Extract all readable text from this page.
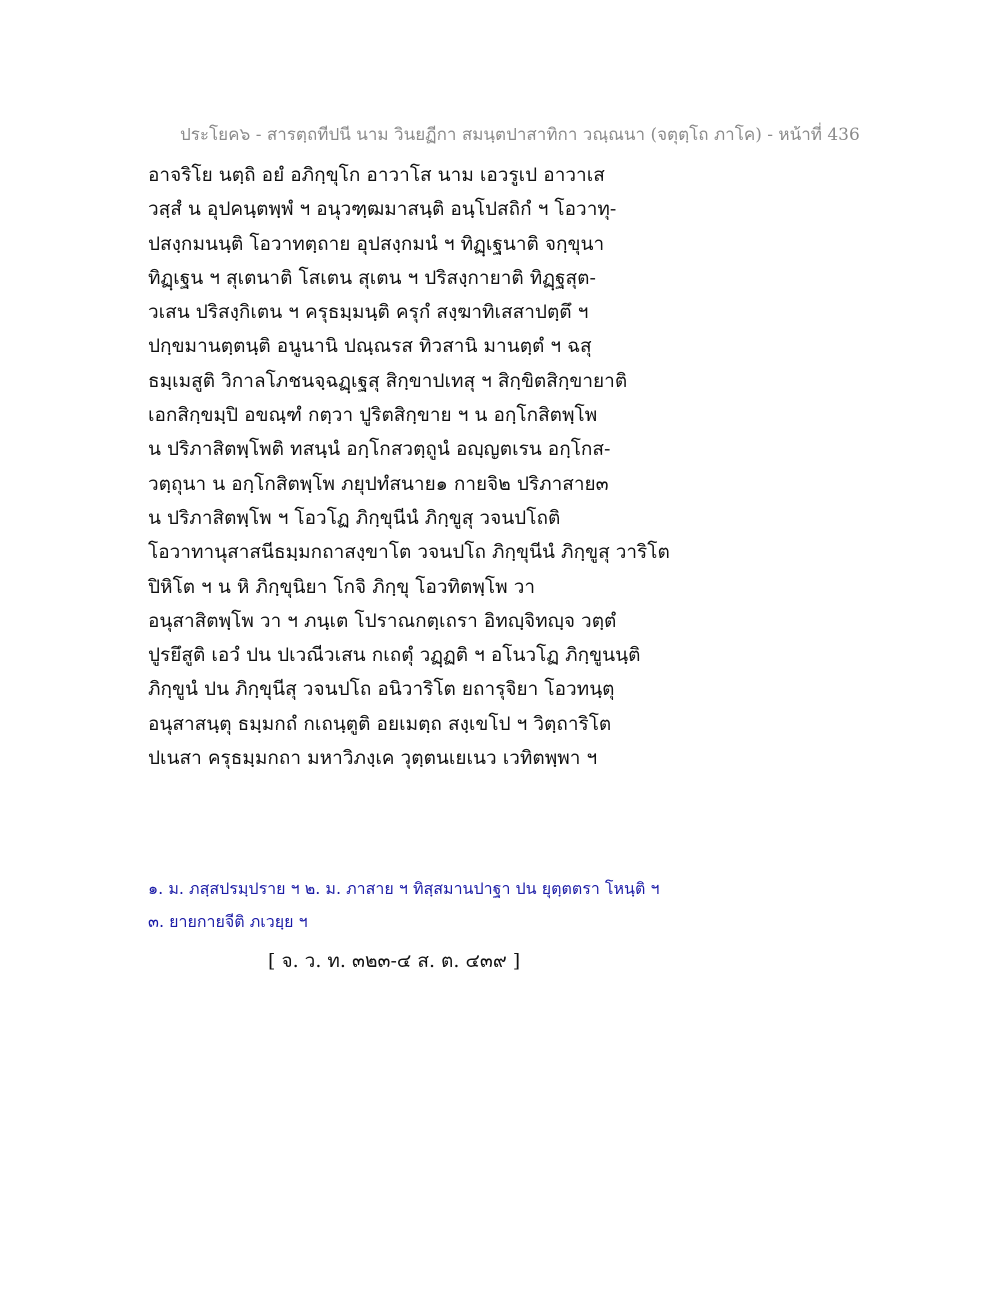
ประโยค๖ - สารตฺถทีปนี นาม วินยฏีกา สมนฺตปาสาทิกา วณฺณนา (จตุตฺโถ ภาโค) - หน้าที่ 436
อาจริโย นตฺถิ อยํ อภิกฺขุโก อาวาโส นาม เอวรูเป อาวาเส
วสฺสํ น อุปคนฺตพฺพํ ฯ อนุวฑฺฒมาสนฺติ อนฺโปสถิกํ ฯ โอวาทุ-
ปสงฺกมนนฺติ โอวาทตฺถาย อุปสงฺกมนํ ฯ ทิฏฺเฐนาติ จกฺขุนา
ทิฏฺเฐน ฯ สุเตนาติ โสเตน สุเตน ฯ ปริสงฺกายาติ ทิฏฺฐสุต-
วเสน ปริสงฺกิเตน ฯ ครุธมฺมนฺติ ครุกํ สงฺฆาทิเสสาปตฺตึ ฯ
ปกฺขมานตฺตนฺติ อนูนานิ ปณฺณรส ทิวสานิ มานตฺตํ ฯ ฉสุ
ธมฺเมสูติ วิกาลโภชนจฺฉฏฺเฐสุ สิกฺขาปเทสุ ฯ สิกฺขิตสิกฺขายาติ
เอกสิกฺขมฺปิ อขณฺฑํ กตฺวา ปูริตสิกฺขาย ฯ น อกฺโกสิตพฺโพ
น ปริภาสิตพฺโพติ ทสนฺนํ อกฺโกสวตฺถูนํ อญฺญตเรน อกฺโกส-
วตฺถุนา น อกฺโกสิตพฺโพ ภยุปทํสนาย๑ กายจิ๒ ปริภาสาย๓
น ปริภาสิตพฺโพ ฯ โอวโฏ ภิกฺขุนีนํ ภิกฺขูสุ วจนปโถติ
โอวาทานุสาสนีธมฺมกถาสงฺขาโต วจนปโถ ภิกฺขุนีนํ ภิกฺขูสุ วาริโต
ปิหิโต ฯ น หิ ภิกฺขุนิยา โกจิ ภิกฺขุ โอวทิตพฺโพ วา
อนุสาสิตพฺโพ วา ฯ ภนฺเต โปราณกตฺเถรา อิทญฺจิทญฺจ วตฺตํ
ปูรยึสูติ เอวํ ปน ปเวณีวเสน กเถตุํ วฏฺฏติ ฯ อโนวโฏ ภิกฺขูนนฺติ
ภิกฺขูนํ ปน ภิกฺขุนีสุ วจนปโถ อนิวาริโต ยถารุจิยา โอวทนฺตุ
อนุสาสนฺตุ ธมฺมกถํ กเถนฺตูติ อยเมตฺถ สงฺเขโป ฯ วิตฺถาริโต
ปเนสา ครุธมฺมกถา มหาวิภงฺเค วุตฺตนเยเนว เวทิตพฺพา ฯ
๑. ม. ภสฺสปรมฺปราย ฯ ๒. ม. ภาสาย ฯ ทิสฺสมานปาฐา ปน ยุตฺตตรา โหนฺติ ฯ
๓. ยายกายจีติ ภเวยฺย ฯ
[ จ. ว. ท. ๓๒๓-๔ ส. ต. ๔๓๙ ]
